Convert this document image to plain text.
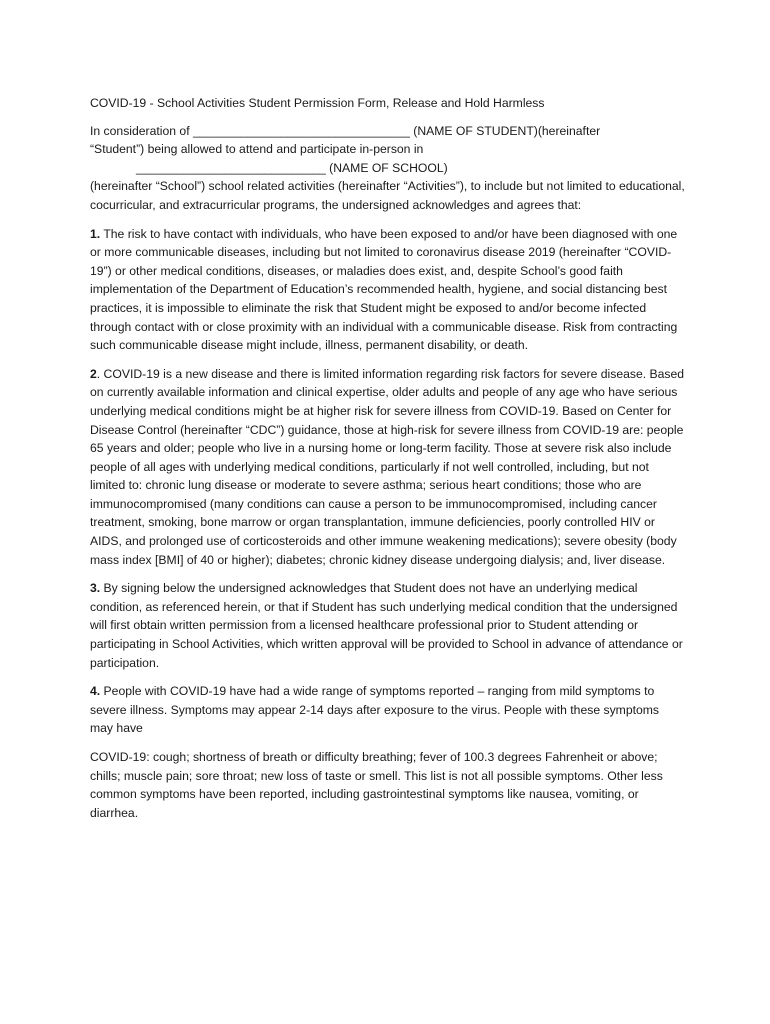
COVID-19 - School Activities Student Permission Form, Release and Hold Harmless

In consideration of ________________________________ (NAME OF STUDENT)(hereinafter
“Student”) being allowed to attend and participate in-person in
____________________________ (NAME OF SCHOOL)
(hereinafter “School”) school related activities (hereinafter “Activities”), to include but not limited to educational, cocurricular, and extracurricular programs, the undersigned acknowledges and agrees that:

1. The risk to have contact with individuals, who have been exposed to and/or have been diagnosed with one or more communicable diseases, including but not limited to coronavirus disease 2019 (hereinafter “COVID-19”) or other medical conditions, diseases, or maladies does exist, and, despite School’s good faith implementation of the Department of Education’s recommended health, hygiene, and social distancing best practices, it is impossible to eliminate the risk that Student might be exposed to and/or become infected through contact with or close proximity with an individual with a communicable disease. Risk from contracting such communicable disease might include, illness, permanent disability, or death.

2. COVID-19 is a new disease and there is limited information regarding risk factors for severe disease. Based on currently available information and clinical expertise, older adults and people of any age who have serious underlying medical conditions might be at higher risk for severe illness from COVID-19. Based on Center for Disease Control (hereinafter “CDC”) guidance, those at high-risk for severe illness from COVID-19 are: people 65 years and older; people who live in a nursing home or long-term facility. Those at severe risk also include people of all ages with underlying medical conditions, particularly if not well controlled, including, but not limited to: chronic lung disease or moderate to severe asthma; serious heart conditions; those who are immunocompromised (many conditions can cause a person to be immunocompromised, including cancer treatment, smoking, bone marrow or organ transplantation, immune deficiencies, poorly controlled HIV or AIDS, and prolonged use of corticosteroids and other immune weakening medications); severe obesity (body mass index [BMI] of 40 or higher); diabetes; chronic kidney disease undergoing dialysis; and, liver disease.

3. By signing below the undersigned acknowledges that Student does not have an underlying medical condition, as referenced herein, or that if Student has such underlying medical condition that the undersigned will first obtain written permission from a licensed healthcare professional prior to Student attending or participating in School Activities, which written approval will be provided to School in advance of attendance or participation.

4. People with COVID-19 have had a wide range of symptoms reported – ranging from mild symptoms to severe illness. Symptoms may appear 2-14 days after exposure to the virus. People with these symptoms may have

COVID-19: cough; shortness of breath or difficulty breathing; fever of 100.3 degrees Fahrenheit or above; chills; muscle pain; sore throat; new loss of taste or smell. This list is not all possible symptoms. Other less common symptoms have been reported, including gastrointestinal symptoms like nausea, vomiting, or diarrhea.
